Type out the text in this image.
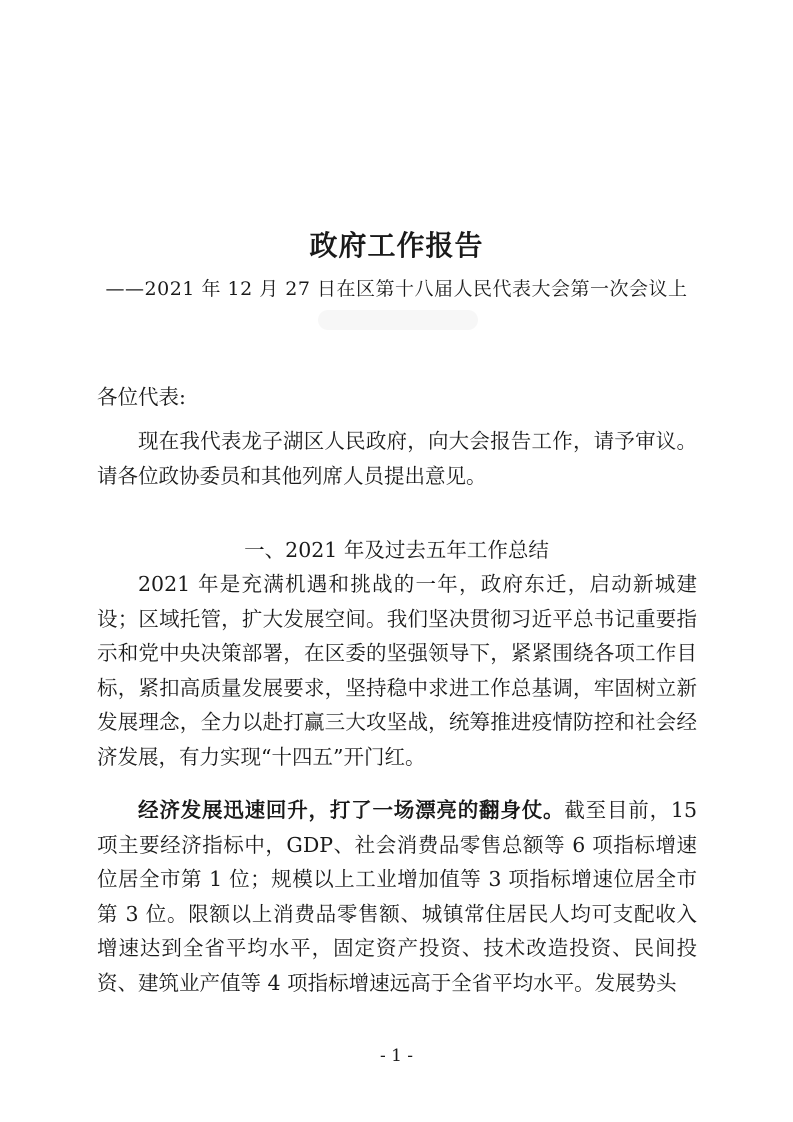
政府工作报告
——2021 年 12 月 27 日在区第十八届人民代表大会第一次会议上
各位代表:
现在我代表龙子湖区人民政府，向大会报告工作，请予审议。请各位政协委员和其他列席人员提出意见。
一、2021 年及过去五年工作总结
2021 年是充满机遇和挑战的一年，政府东迁，启动新城建设；区域托管，扩大发展空间。我们坚决贯彻习近平总书记重要指示和党中央决策部署，在区委的坚强领导下，紧紧围绕各项工作目标，紧扣高质量发展要求，坚持稳中求进工作总基调，牢固树立新发展理念，全力以赴打赢三大攻坚战，统筹推进疫情防控和社会经济发展，有力实现“十四五”开门红。
经济发展迅速回升，打了一场漂亮的翻身仗。截至目前，15 项主要经济指标中，GDP、社会消费品零售总额等 6 项指标增速位居全市第 1 位；规模以上工业增加值等 3 项指标增速位居全市第 3 位。限额以上消费品零售额、城镇常住居民人均可支配收入增速达到全省平均水平，固定资产投资、技术改造投资、民间投资、建筑业产值等 4 项指标增速远高于全省平均水平。发展势头
- 1 -
